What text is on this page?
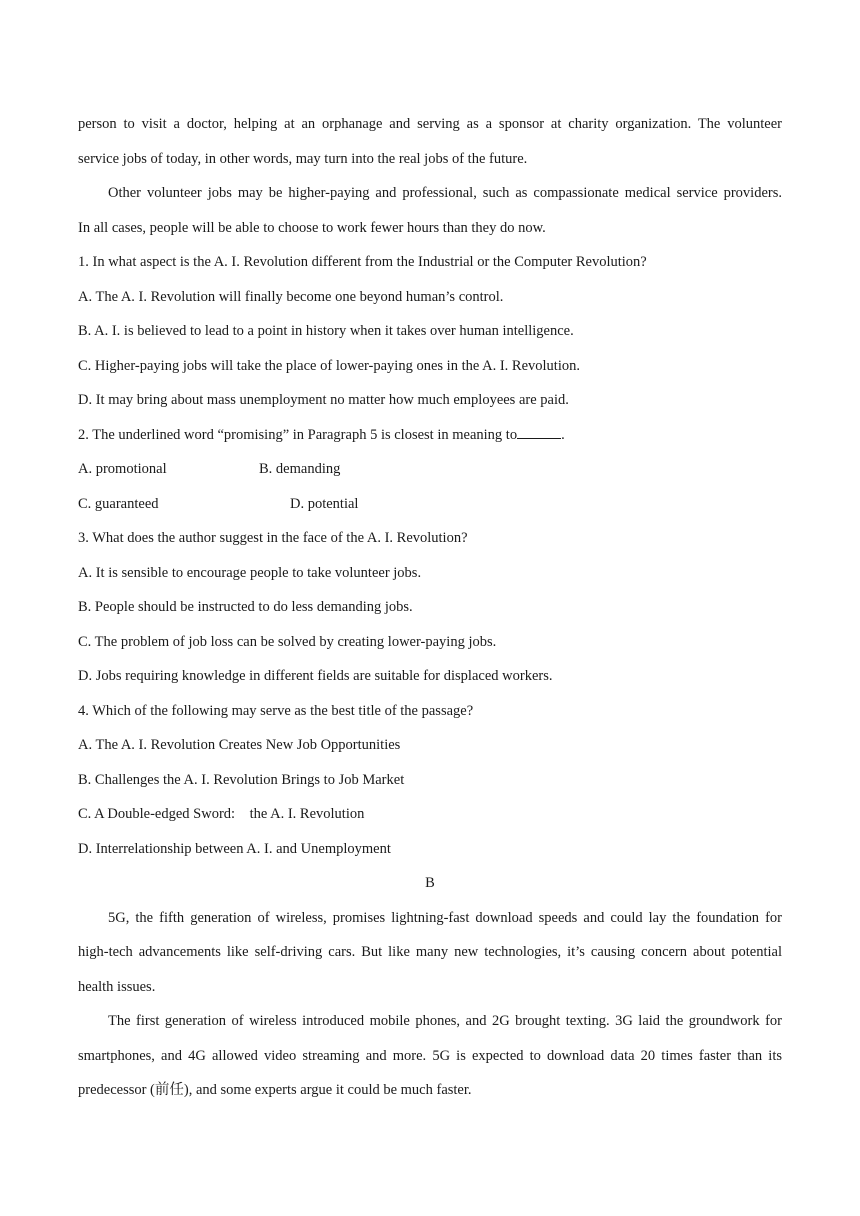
person to visit a doctor, helping at an orphanage and serving as a sponsor at charity organization. The volunteer
service jobs of today, in other words, may turn into the real jobs of the future.
Other volunteer jobs may be higher-paying and professional, such as compassionate medical service providers.
In all cases, people will be able to choose to work fewer hours than they do now.
1. In what aspect is the A. I. Revolution different from the Industrial or the Computer Revolution?
A. The A. I. Revolution will finally become one beyond human’s control.
B. A. I. is believed to lead to a point in history when it takes over human intelligence.
C. Higher-paying jobs will take the place of lower-paying ones in the A. I. Revolution.
D. It may bring about mass unemployment no matter how much employees are paid.
2. The underlined word “promising” in Paragraph 5 is closest in meaning to	.
A. promotional	B. demanding
C. guaranteed	D. potential
3. What does the author suggest in the face of the A. I. Revolution?
A. It is sensible to encourage people to take volunteer jobs.
B. People should be instructed to do less demanding jobs.
C. The problem of job loss can be solved by creating lower-paying jobs.
D. Jobs requiring knowledge in different fields are suitable for displaced workers.
4. Which of the following may serve as the best title of the passage?
A. The A. I. Revolution Creates New Job Opportunities
B. Challenges the A. I. Revolution Brings to Job Market
C. A Double-edged Sword:    the A. I. Revolution
D. Interrelationship between A. I. and Unemployment
B
5G, the fifth generation of wireless, promises lightning-fast download speeds and could lay the foundation for
high-tech advancements like self-driving cars. But like many new technologies, it’s causing concern about potential
health issues.
The first generation of wireless introduced mobile phones, and 2G brought texting. 3G laid the groundwork for
smartphones, and 4G allowed video streaming and more. 5G is expected to download data 20 times faster than its
predecessor (前任), and some experts argue it could be much faster.
